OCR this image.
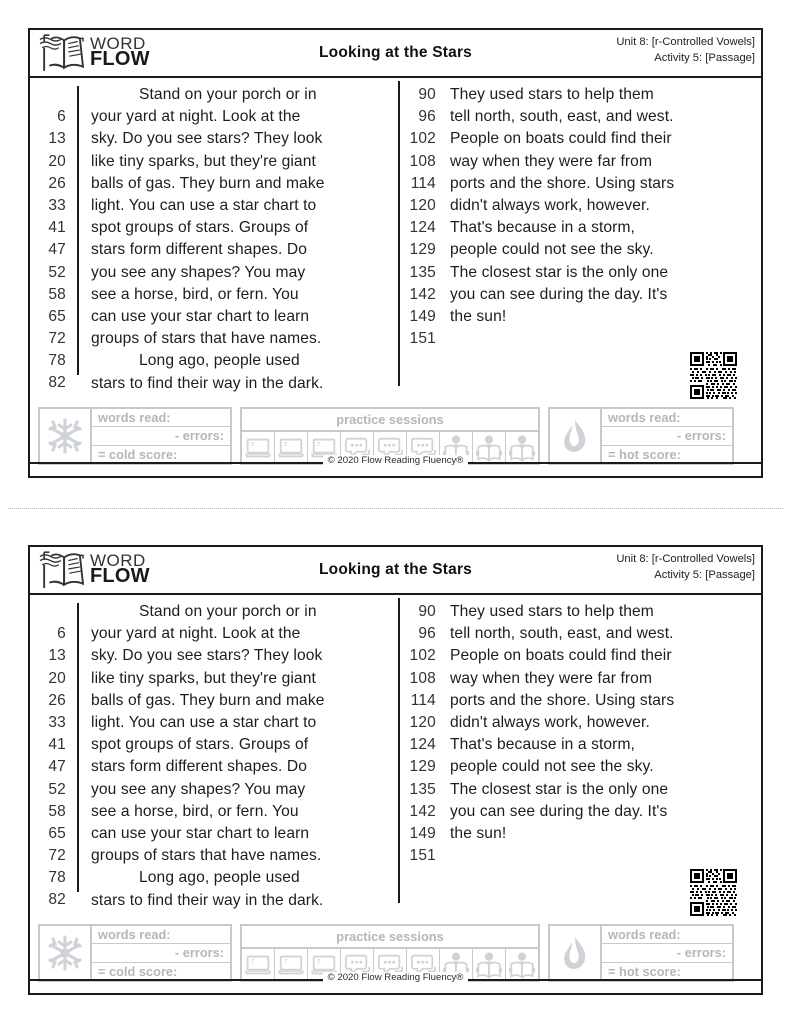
WORD
FLOW	Looking at the Stars
Unit 8: [r-Controlled Vowels]
Activity 5: [Passage]
6
13
20
26
33
41
47
52
58
65
72
78
82
Stand on your porch or in
your yard at night. Look at the
sky. Do you see stars? They look
like tiny sparks, but they're giant
balls of gas. They burn and make
light. You can use a star chart to
spot groups of stars. Groups of
stars form different shapes. Do
you see any shapes? You may
see a horse, bird, or fern. You
can use your star chart to learn
groups of stars that have names.
Long ago, people used
stars to find their way in the dark.
90
96
102
108
114
120
124
129
135
142
149
151
They used stars to help them
tell north, south, east, and west.
People on boats could find their
way when they were far from
ports and the shore. Using stars
didn't always work, however.
That's because in a storm,
people could not see the sky.
The closest star is the only one
you can see during the day. It's
the sun!
words read:
- errors:
= cold score:
practice sessions	words read:
- errors:
= hot score:
© 2020 Flow Reading Fluency®
WORD
FLOW	Looking at the Stars
Unit 8: [r-Controlled Vowels]
Activity 5: [Passage]
6
13
20
26
33
41
47
52
58
65
72
78
82
Stand on your porch or in
your yard at night. Look at the
sky. Do you see stars? They look
like tiny sparks, but they're giant
balls of gas. They burn and make
light. You can use a star chart to
spot groups of stars. Groups of
stars form different shapes. Do
you see any shapes? You may
see a horse, bird, or fern. You
can use your star chart to learn
groups of stars that have names.
Long ago, people used
stars to find their way in the dark.
90
96
102
108
114
120
124
129
135
142
149
151
They used stars to help them
tell north, south, east, and west.
People on boats could find their
way when they were far from
ports and the shore. Using stars
didn't always work, however.
That's because in a storm,
people could not see the sky.
The closest star is the only one
you can see during the day. It's
the sun!
words read:
- errors:
= cold score:
practice sessions	words read:
- errors:
= hot score:
© 2020 Flow Reading Fluency®
